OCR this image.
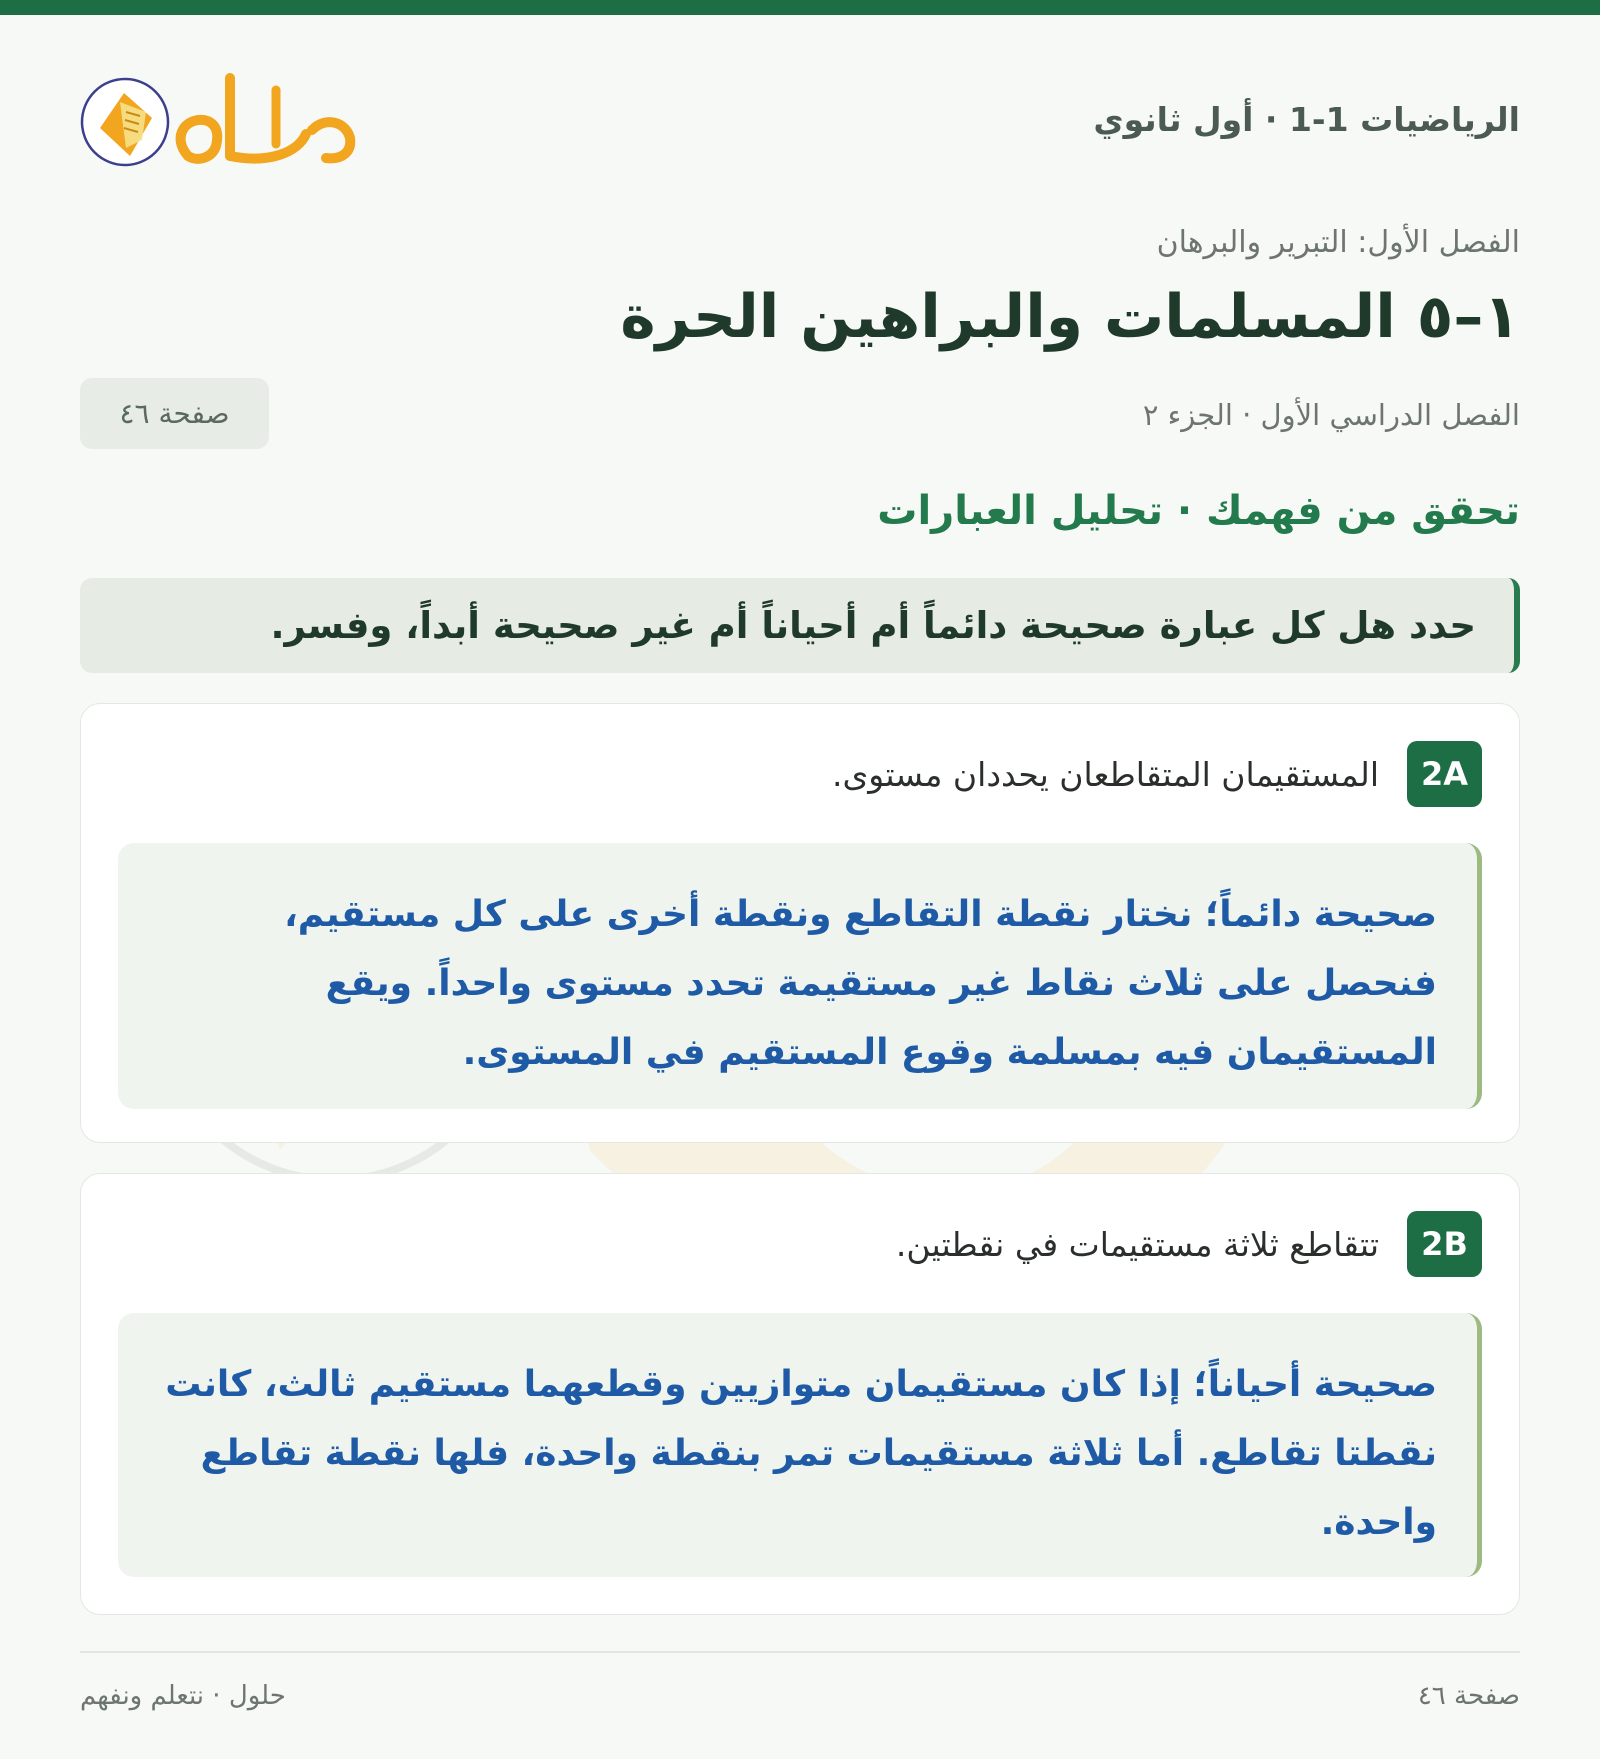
الرياضيات 1-1 · أول ثانوي
الفصل الأول: التبرير والبرهان
١–٥ المسلمات والبراهين الحرة
الفصل الدراسي الأول · الجزء ٢
صفحة ٤٦
تحقق من فهمك · تحليل العبارات
حدد هل كل عبارة صحيحة دائماً أم أحياناً أم غير صحيحة أبداً، وفسر.
2A
المستقيمان المتقاطعان يحددان مستوى.
صحيحة دائماً؛ نختار نقطة التقاطع ونقطة أخرى على كل مستقيم، فنحصل على ثلاث نقاط غير مستقيمة تحدد مستوى واحداً. ويقع المستقيمان فيه بمسلمة وقوع المستقيم في المستوى.
2B
تتقاطع ثلاثة مستقيمات في نقطتين.
صحيحة أحياناً؛ إذا كان مستقيمان متوازيين وقطعهما مستقيم ثالث، كانت نقطتا تقاطع. أما ثلاثة مستقيمات تمر بنقطة واحدة، فلها نقطة تقاطع واحدة.
صفحة ٤٦
حلول · نتعلم ونفهم
